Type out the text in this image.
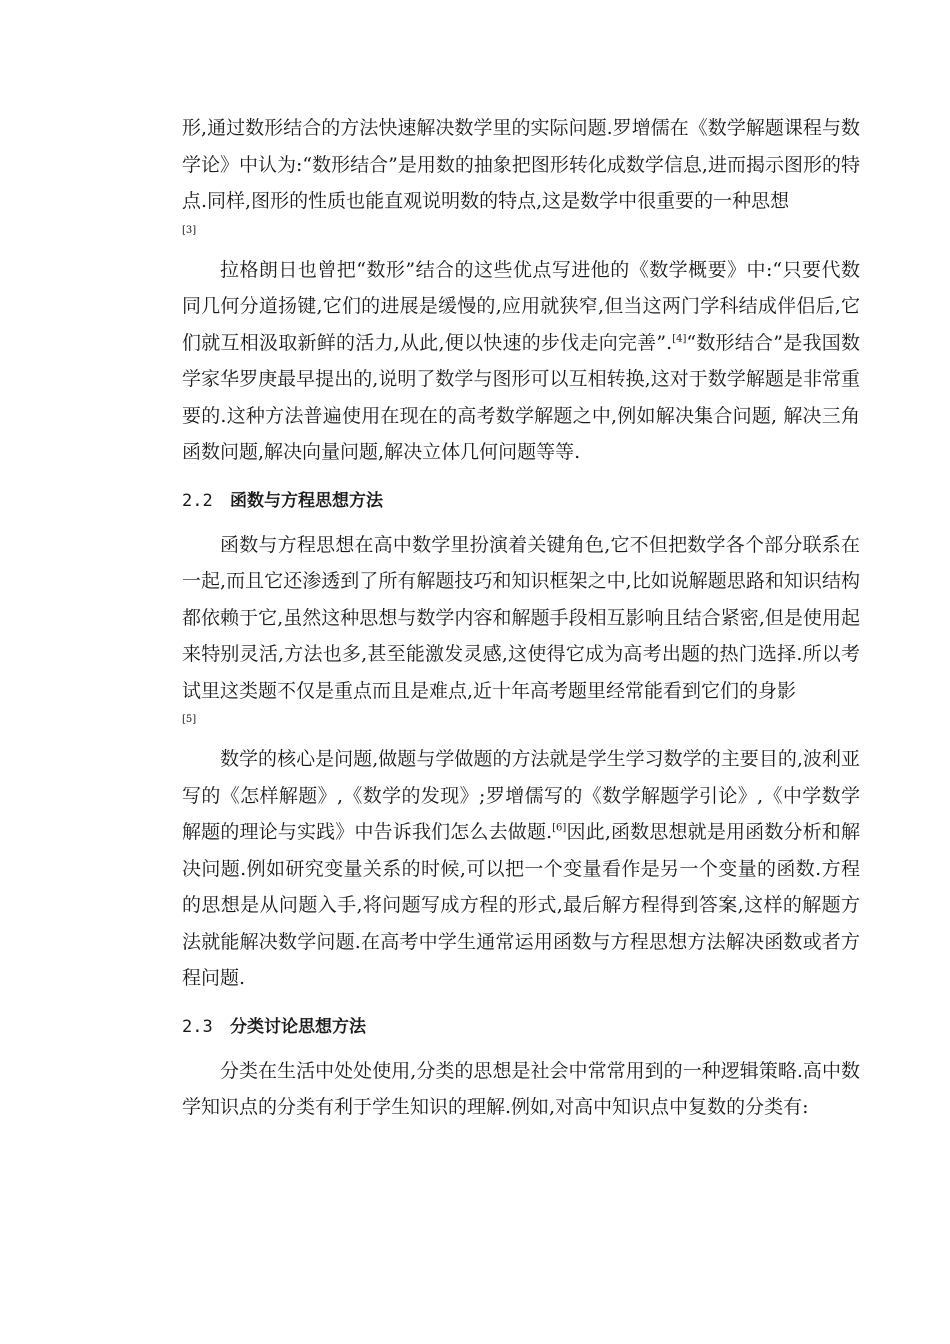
形,通过数形结合的方法快速解决数学里的实际问题.罗增儒在《数学解题课程与数学论》中认为:“数形结合”是用数的抽象把图形转化成数学信息,进而揭示图形的特点.同样,图形的性质也能直观说明数的特点,这是数学中很重要的一种思想

[3]

拉格朗日也曾把“数形”结合的这些优点写进他的《数学概要》中:“只要代数同几何分道扬键,它们的进展是缓慢的,应用就狭窄,但当这两门学科结成伴侣后,它们就互相汲取新鲜的活力,从此,便以快速的步伐走向完善”.[4]“数形结合”是我国数学家华罗庚最早提出的,说明了数学与图形可以互相转换,这对于数学解题是非常重要的.这种方法普遍使用在现在的高考数学解题之中,例如解决集合问题, 解决三角函数问题,解决向量问题,解决立体几何问题等等.

2.2 函数与方程思想方法

函数与方程思想在高中数学里扮演着关键角色,它不但把数学各个部分联系在一起,而且它还渗透到了所有解题技巧和知识框架之中,比如说解题思路和知识结构都依赖于它,虽然这种思想与数学内容和解题手段相互影响且结合紧密,但是使用起来特别灵活,方法也多,甚至能激发灵感,这使得它成为高考出题的热门选择.所以考试里这类题不仅是重点而且是难点,近十年高考题里经常能看到它们的身影

[5]

数学的核心是问题,做题与学做题的方法就是学生学习数学的主要目的,波利亚写的《怎样解题》,《数学的发现》;罗增儒写的《数学解题学引论》,《中学数学解题的理论与实践》中告诉我们怎么去做题.[6]因此,函数思想就是用函数分析和解决问题.例如研究变量关系的时候,可以把一个变量看作是另一个变量的函数.方程的思想是从问题入手,将问题写成方程的形式,最后解方程得到答案,这样的解题方法就能解决数学问题.在高考中学生通常运用函数与方程思想方法解决函数或者方程问题.

2.3 分类讨论思想方法

分类在生活中处处使用,分类的思想是社会中常常用到的一种逻辑策略.高中数学知识点的分类有利于学生知识的理解.例如,对高中知识点中复数的分类有:
